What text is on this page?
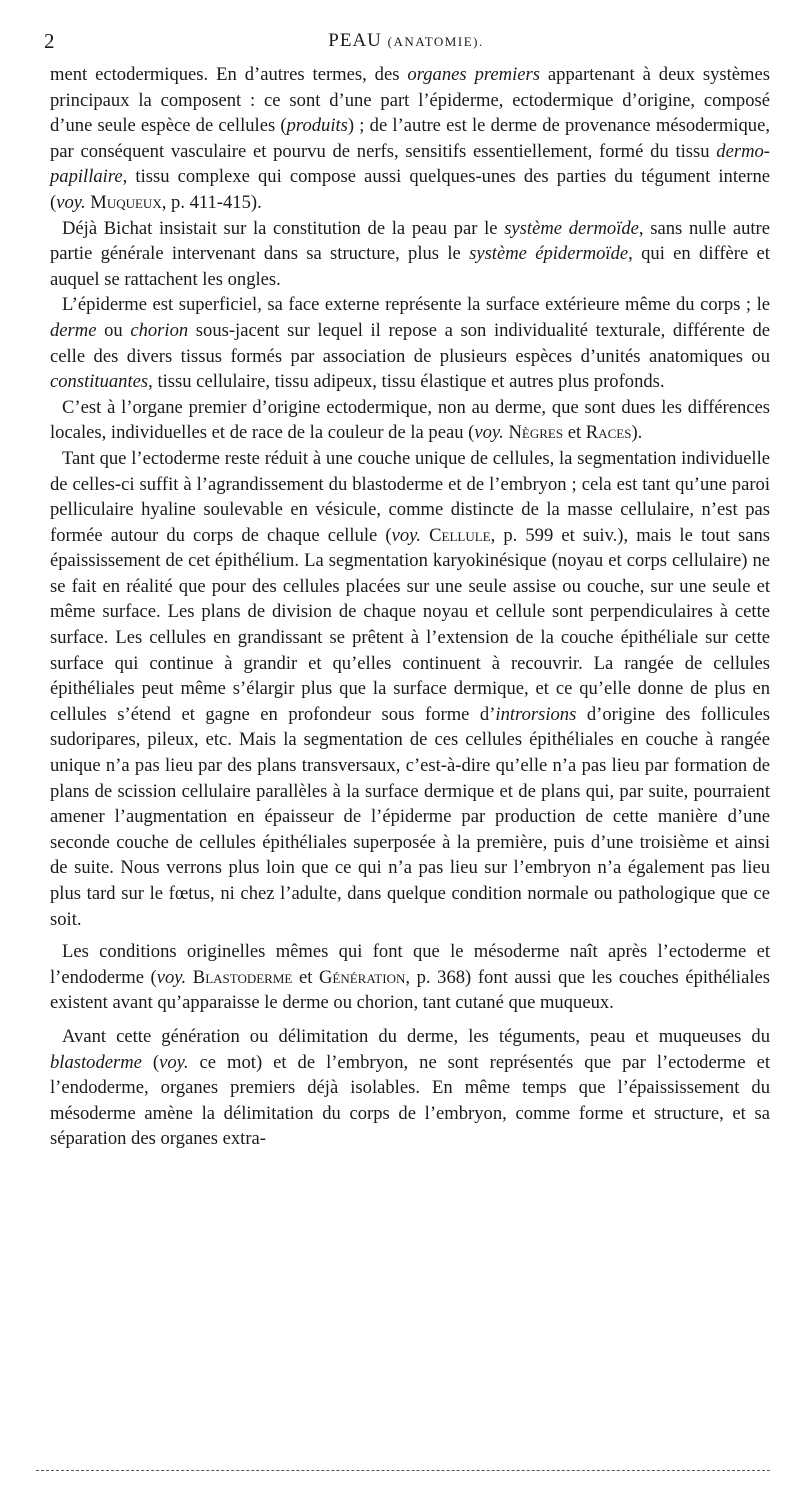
2	PEAU (ANATOMIE).

ment ectodermiques. En d’autres termes, des organes premiers appartenant à deux systèmes principaux la composent : ce sont d’une part l’épiderme, ectodermique d’origine, composé d’une seule espèce de cellules (produits) ; de l’autre est le derme de provenance mésodermique, par conséquent vasculaire et pourvu de nerfs, sensitifs essentiellement, formé du tissu dermo-papillaire, tissu complexe qui compose aussi quelques-unes des parties du tégument interne (voy. Muqueux, p. 411-415).

Déjà Bichat insistait sur la constitution de la peau par le système dermoïde, sans nulle autre partie générale intervenant dans sa structure, plus le système épidermoïde, qui en diffère et auquel se rattachent les ongles.

L’épiderme est superficiel, sa face externe représente la surface extérieure même du corps ; le derme ou chorion sous-jacent sur lequel il repose a son individualité texturale, différente de celle des divers tissus formés par association de plusieurs espèces d’unités anatomiques ou constituantes, tissu cellulaire, tissu adipeux, tissu élastique et autres plus profonds.

C’est à l’organe premier d’origine ectodermique, non au derme, que sont dues les différences locales, individuelles et de race de la couleur de la peau (voy. Nègres et Races).

Tant que l’ectoderme reste réduit à une couche unique de cellules, la segmentation individuelle de celles-ci suffit à l’agrandissement du blastoderme et de l’embryon ; cela est tant qu’une paroi pelliculaire hyaline soulevable en vésicule, comme distincte de la masse cellulaire, n’est pas formée autour du corps de chaque cellule (voy. Cellule, p. 599 et suiv.), mais le tout sans épaississement de cet épithélium. La segmentation karyokinésique (noyau et corps cellulaire) ne se fait en réalité que pour des cellules placées sur une seule assise ou couche, sur une seule et même surface. Les plans de division de chaque noyau et cellule sont perpendiculaires à cette surface. Les cellules en grandissant se prêtent à l’extension de la couche épithéliale sur cette surface qui continue à grandir et qu’elles continuent à recouvrir. La rangée de cellules épithéliales peut même s’élargir plus que la surface dermique, et ce qu’elle donne de plus en cellules s’étend et gagne en profondeur sous forme d’introrsions d’origine des follicules sudoripares, pileux, etc. Mais la segmentation de ces cellules épithéliales en couche à rangée unique n’a pas lieu par des plans transversaux, c’est-à-dire qu’elle n’a pas lieu par formation de plans de scission cellulaire parallèles à la surface dermique et de plans qui, par suite, pourraient amener l’augmentation en épaisseur de l’épiderme par production de cette manière d’une seconde couche de cellules épithéliales superposée à la première, puis d’une troisième et ainsi de suite. Nous verrons plus loin que ce qui n’a pas lieu sur l’embryon n’a également pas lieu plus tard sur le fœtus, ni chez l’adulte, dans quelque condition normale ou pathologique que ce soit.

Les conditions originelles mêmes qui font que le mésoderme naît après l’ectoderme et l’endoderme (voy. Blastoderme et Génération, p. 368) font aussi que les couches épithéliales existent avant qu’apparaisse le derme ou chorion, tant cutané que muqueux.

Avant cette génération ou délimitation du derme, les téguments, peau et muqueuses du blastoderme (voy. ce mot) et de l’embryon, ne sont représentés que par l’ectoderme et l’endoderme, organes premiers déjà isolables. En même temps que l’épaississement du mésoderme amène la délimitation du corps de l’embryon, comme forme et structure, et sa séparation des organes extra-
